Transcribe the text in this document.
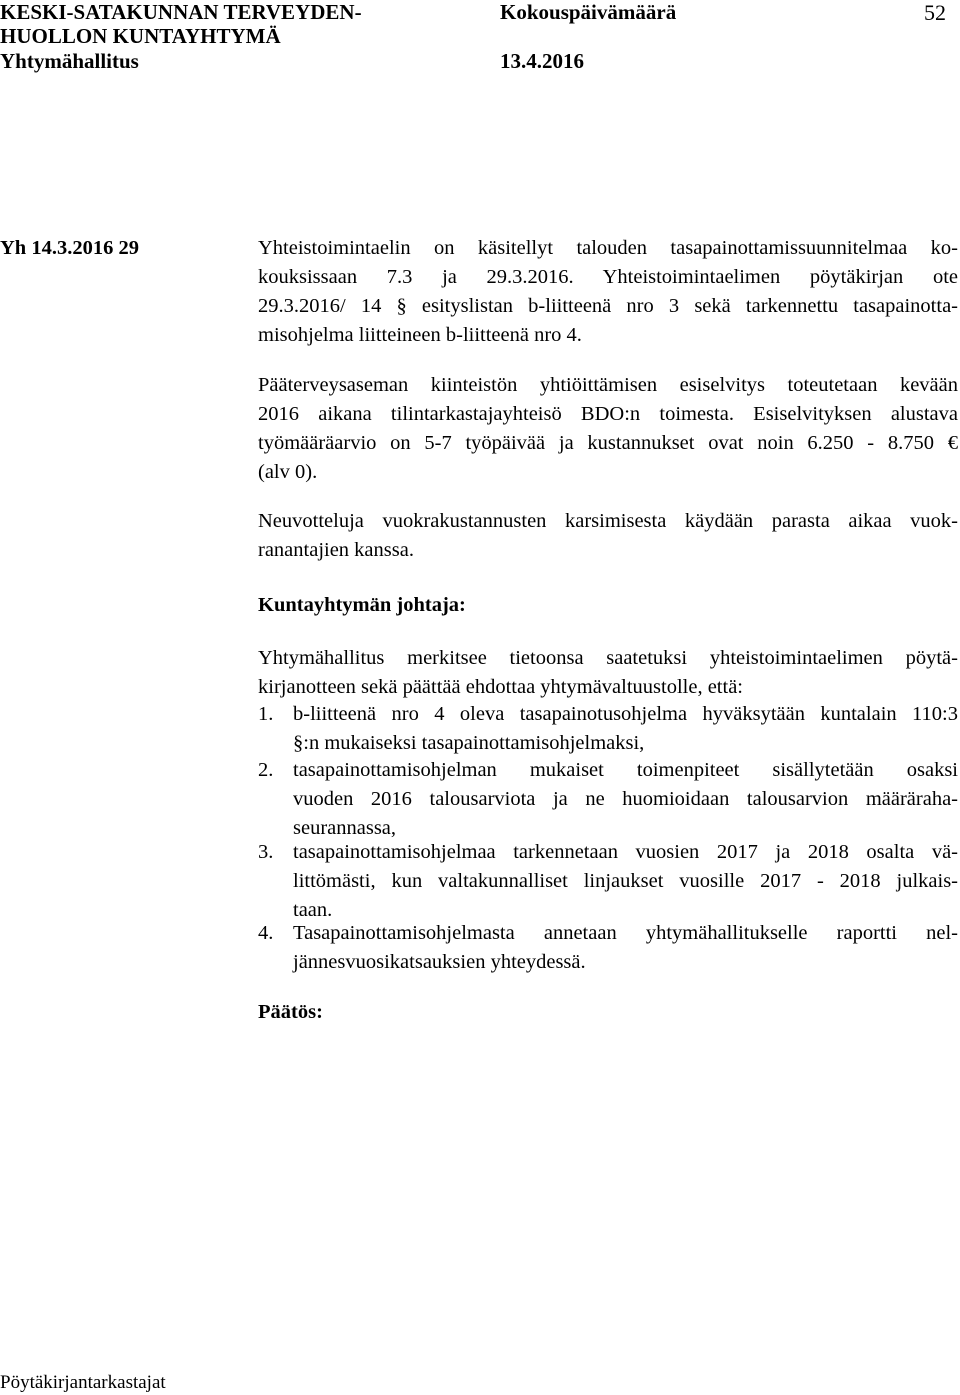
KESKI-SATAKUNNAN TERVEYDEN-
HUOLLON KUNTAYHTYMÄ
Yhtymähallitus
Kokouspäivämäärä
13.4.2016
52
Yh 14.3.2016 29	Yhteistoimintaelin on käsitellyt talouden tasapainottamissuunnitelmaa ko-
kouksissaan 7.3 ja 29.3.2016. Yhteistoimintaelimen pöytäkirjan ote
29.3.2016/ 14 § esityslistan b-liitteenä nro 3 sekä tarkennettu tasapainotta-
misohjelma liitteineen b-liitteenä nro 4.
Pääterveysaseman kiinteistön yhtiöittämisen esiselvitys toteutetaan kevään
2016 aikana tilintarkastajayhteisö BDO:n toimesta. Esiselvityksen alustava
työmääräarvio on 5-7 työpäivää ja kustannukset ovat noin 6.250 - 8.750 €
(alv 0).
Neuvotteluja vuokrakustannusten karsimisesta käydään parasta aikaa vuok-
ranantajien kanssa.
Kuntayhtymän johtaja:
Yhtymähallitus merkitsee tietoonsa saatetuksi yhteistoimintaelimen pöytä-
kirjanotteen sekä päättää ehdottaa yhtymävaltuustolle, että:
1. b-liitteenä nro 4 oleva tasapainotusohjelma hyväksytään kuntalain 110:3
§:n mukaiseksi tasapainottamisohjelmaksi,
2. tasapainottamisohjelman mukaiset toimenpiteet sisällytetään osaksi
vuoden 2016 talousarviota ja ne huomioidaan talousarvion määräraha-
seurannassa,
3. tasapainottamisohjelmaa tarkennetaan vuosien 2017 ja 2018 osalta vä-
littömästi, kun valtakunnalliset linjaukset vuosille 2017 - 2018 julkais-
taan.
4. Tasapainottamisohjelmasta annetaan yhtymähallitukselle raportti nel-
jännesvuosikatsauksien yhteydessä.
Päätös:
Pöytäkirjantarkastajat
